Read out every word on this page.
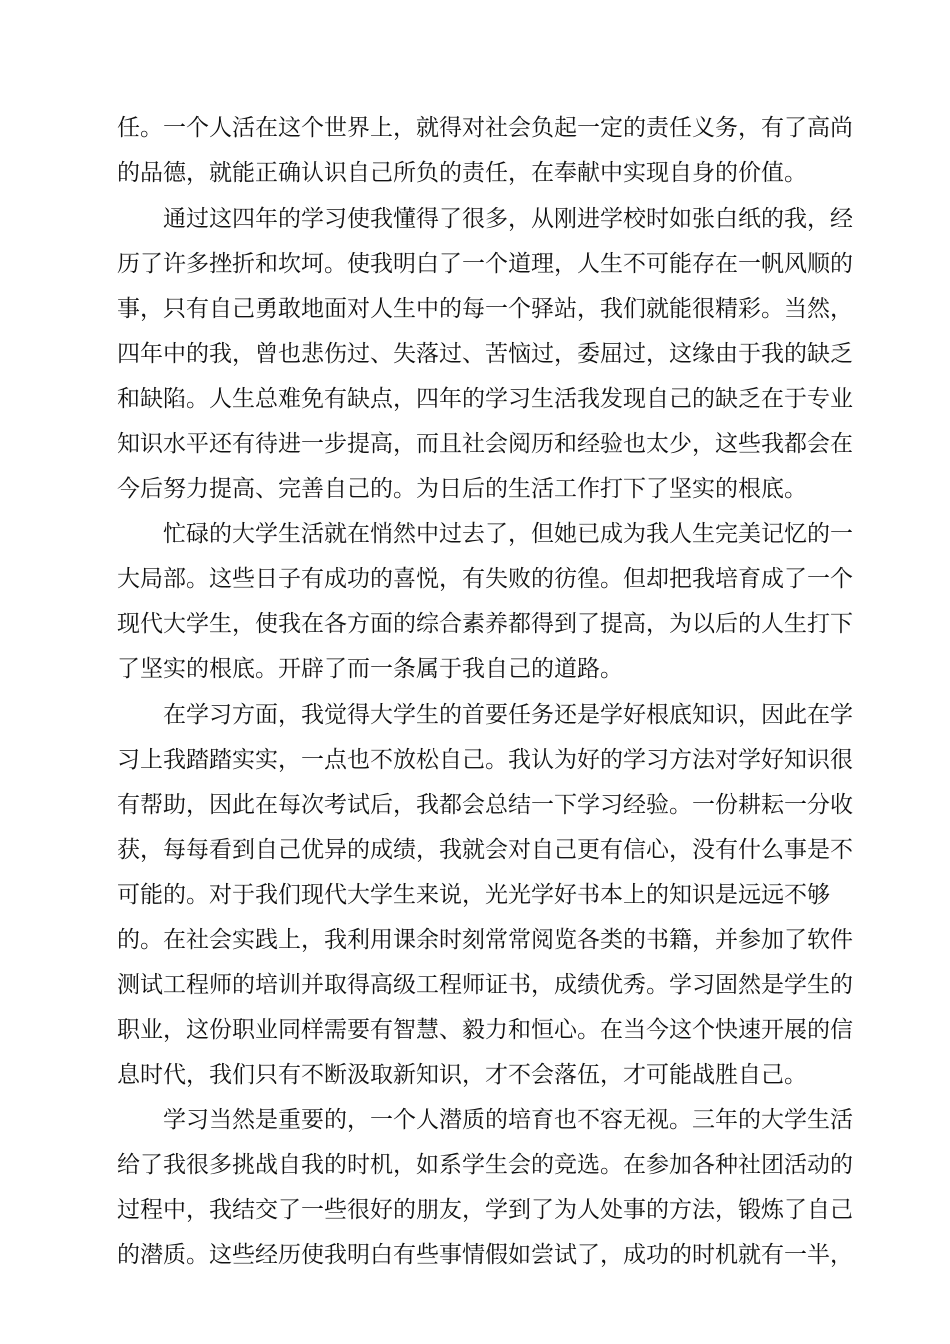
任。一个人活在这个世界上，就得对社会负起一定的责任义务，有了高尚
的品德，就能正确认识自己所负的责任，在奉献中实现自身的价值。

通过这四年的学习使我懂得了很多，从刚进学校时如张白纸的我，经
历了许多挫折和坎坷。使我明白了一个道理，人生不可能存在一帆风顺的
事，只有自己勇敢地面对人生中的每一个驿站，我们就能很精彩。当然，
四年中的我，曾也悲伤过、失落过、苦恼过，委屈过，这缘由于我的缺乏
和缺陷。人生总难免有缺点，四年的学习生活我发现自己的缺乏在于专业
知识水平还有待进一步提高，而且社会阅历和经验也太少，这些我都会在
今后努力提高、完善自己的。为日后的生活工作打下了坚实的根底。

忙碌的大学生活就在悄然中过去了，但她已成为我人生完美记忆的一
大局部。这些日子有成功的喜悦，有失败的彷徨。但却把我培育成了一个
现代大学生，使我在各方面的综合素养都得到了提高，为以后的人生打下
了坚实的根底。开辟了而一条属于我自己的道路。

在学习方面，我觉得大学生的首要任务还是学好根底知识，因此在学
习上我踏踏实实，一点也不放松自己。我认为好的学习方法对学好知识很
有帮助，因此在每次考试后，我都会总结一下学习经验。一份耕耘一分收
获，每每看到自己优异的成绩，我就会对自己更有信心，没有什么事是不
可能的。对于我们现代大学生来说，光光学好书本上的知识是远远不够
的。 在社会实践上，我利用课余时刻常常阅览各类的书籍，并参加了软件
测试工程师的培训并取得高级工程师证书，成绩优秀。学习固然是学生的
职业，这份职业同样需要有智慧、毅力和恒心。在当今这个快速开展的信
息时代，我们只有不断汲取新知识，才不会落伍，才可能战胜自己。

学习当然是重要的，一个人潜质的培育也不容无视。三年的大学生活
给了我很多挑战自我的时机，如系学生会的竞选。在参加各种社团活动的
过程中，我结交了一些很好的朋友，学到了为人处事的方法，锻炼了自己
的潜质。这些经历使我明白有些事情假如尝试了，成功的时机就有一半，
